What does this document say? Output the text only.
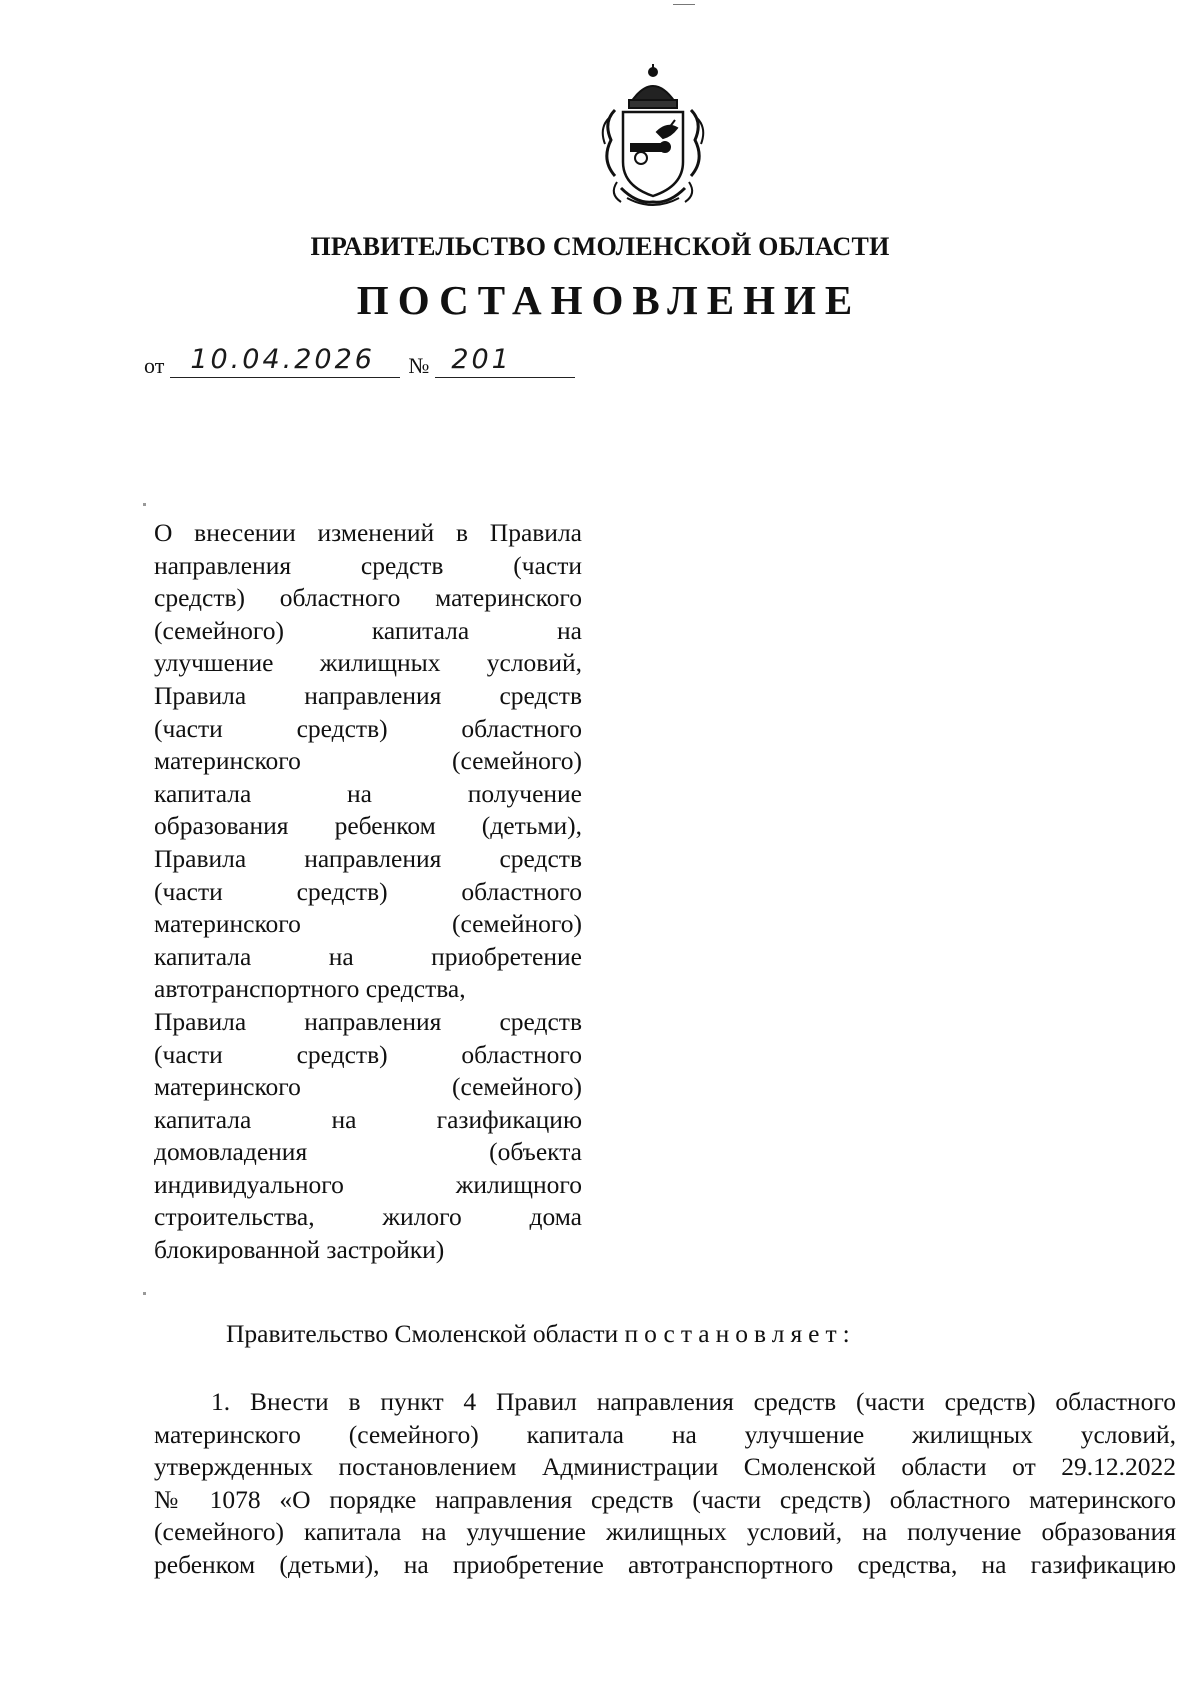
ПРАВИТЕЛЬСТВО СМОЛЕНСКОЙ ОБЛАСТИ
ПОСТАНОВЛЕНИЕ
от 10.04.2026	№ 201
О внесении изменений в Правила
направления средств (части
средств) областного материнского
(семейного) капитала на
улучшение жилищных условий,
Правила направления средств
(части средств) областного
материнского (семейного)
капитала на получение
образования ребенком (детьми),
Правила направления средств
(части средств) областного
материнского (семейного)
капитала на приобретение
автотранспортного средства,
Правила направления средств
(части средств) областного
материнского (семейного)
капитала на газификацию
домовладения (объекта
индивидуального жилищного
строительства, жилого дома
блокированной застройки)
Правительство Смоленской области постановляет:
1. Внести в пункт 4 Правил направления средств (части средств) областного
материнского (семейного) капитала на улучшение жилищных условий,
утвержденных постановлением Администрации Смоленской области от 29.12.2022
№ 1078 «О порядке направления средств (части средств) областного материнского
(семейного) капитала на улучшение жилищных условий, на получение образования
ребенком (детьми), на приобретение автотранспортного средства, на газификацию
